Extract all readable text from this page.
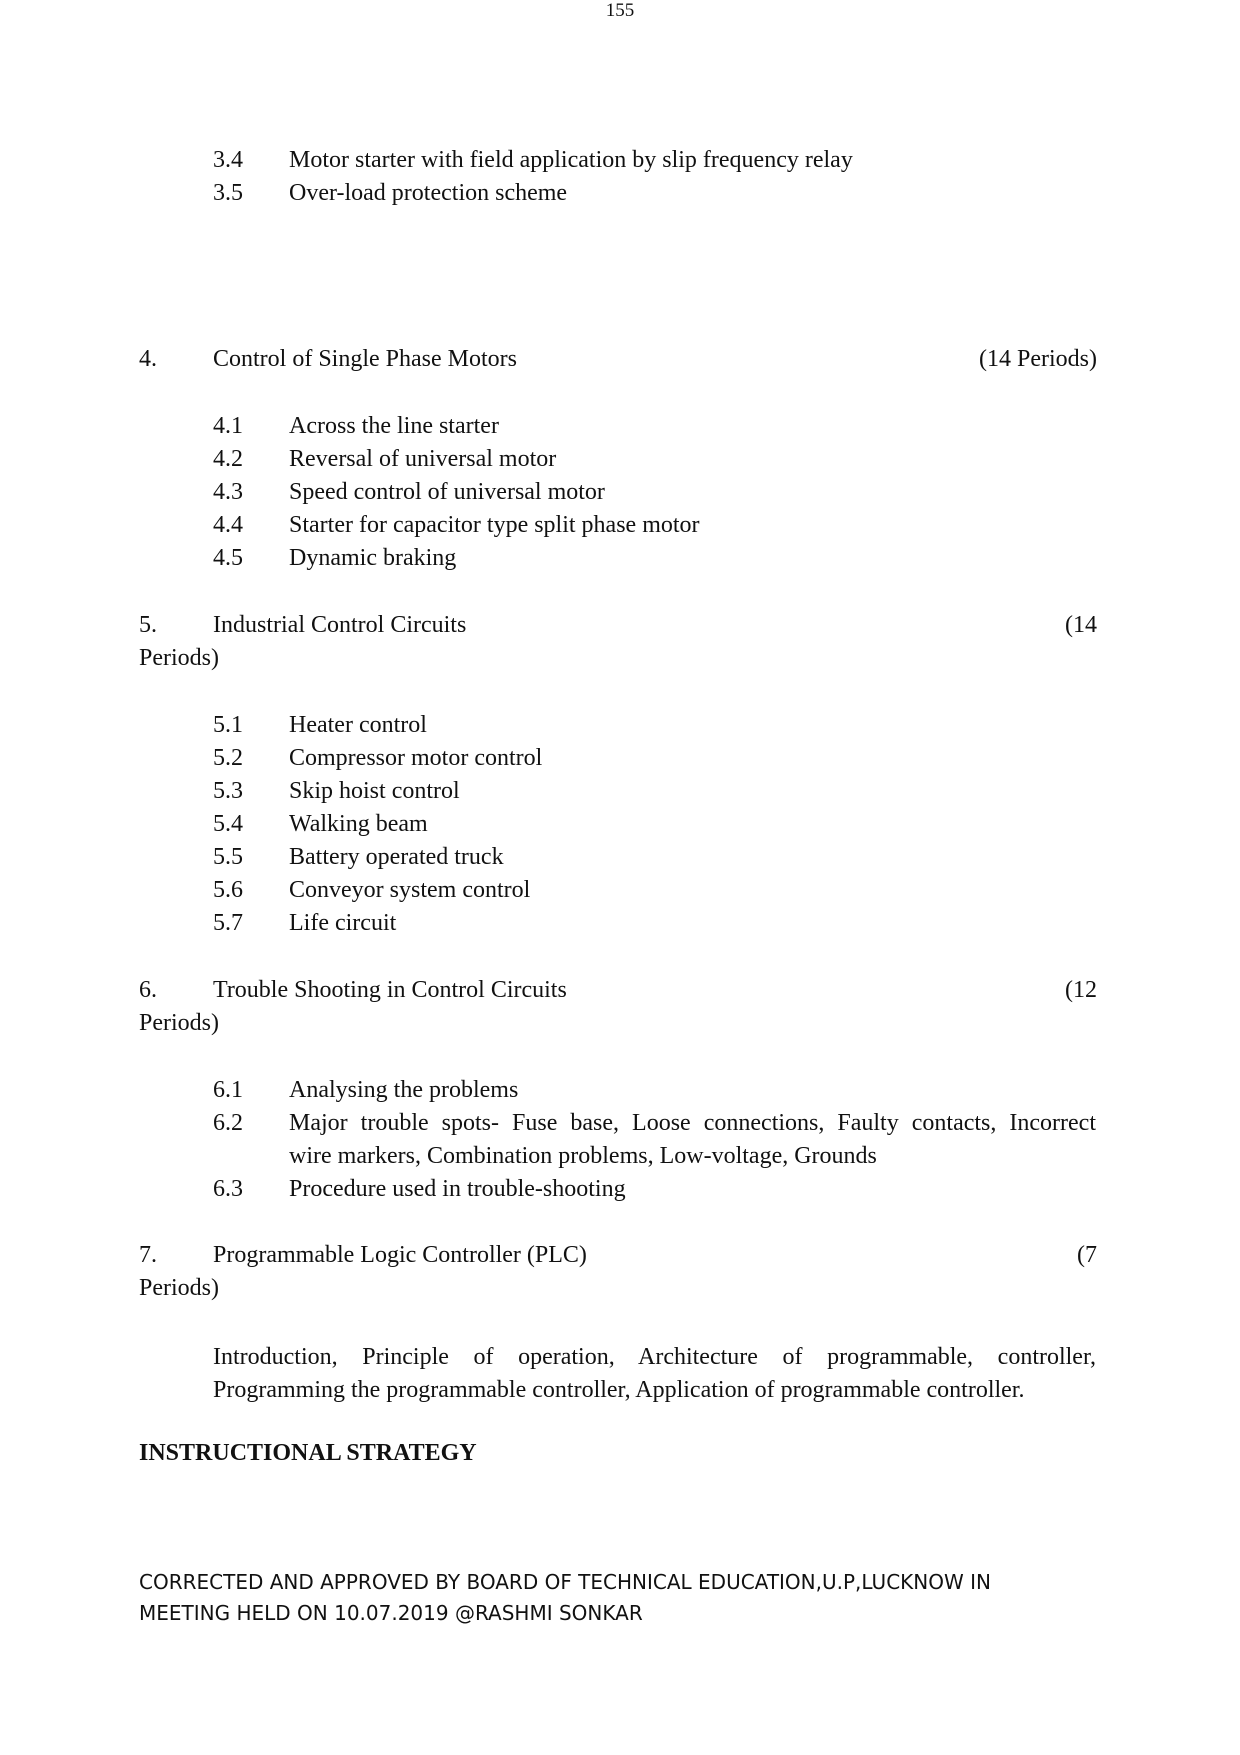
155
3.4 Motor starter with field application by slip frequency relay
3.5 Over-load protection scheme
4. Control of Single Phase Motors	(14 Periods)
4.1 Across the line starter
4.2 Reversal of universal motor
4.3 Speed control of universal motor
4.4 Starter for capacitor type split phase motor
4.5 Dynamic braking
5. Industrial Control Circuits	(14
Periods)
5.1 Heater control
5.2 Compressor motor control
5.3 Skip hoist control
5.4 Walking beam
5.5 Battery operated truck
5.6 Conveyor system control
5.7 Life circuit
6. Trouble Shooting in Control Circuits	(12
Periods)
6.1 Analysing the problems
6.2 Major trouble spots- Fuse base, Loose connections, Faulty contacts, Incorrect
wire markers, Combination problems, Low-voltage, Grounds
6.3 Procedure used in trouble-shooting
7. Programmable Logic Controller (PLC)	(7
Periods)
Introduction, Principle of operation, Architecture of programmable, controller, Programming the programmable controller, Application of programmable controller.
INSTRUCTIONAL STRATEGY
CORRECTED AND APPROVED BY BOARD OF TECHNICAL EDUCATION,U.P,LUCKNOW IN
MEETING HELD ON 10.07.2019 @RASHMI SONKAR
